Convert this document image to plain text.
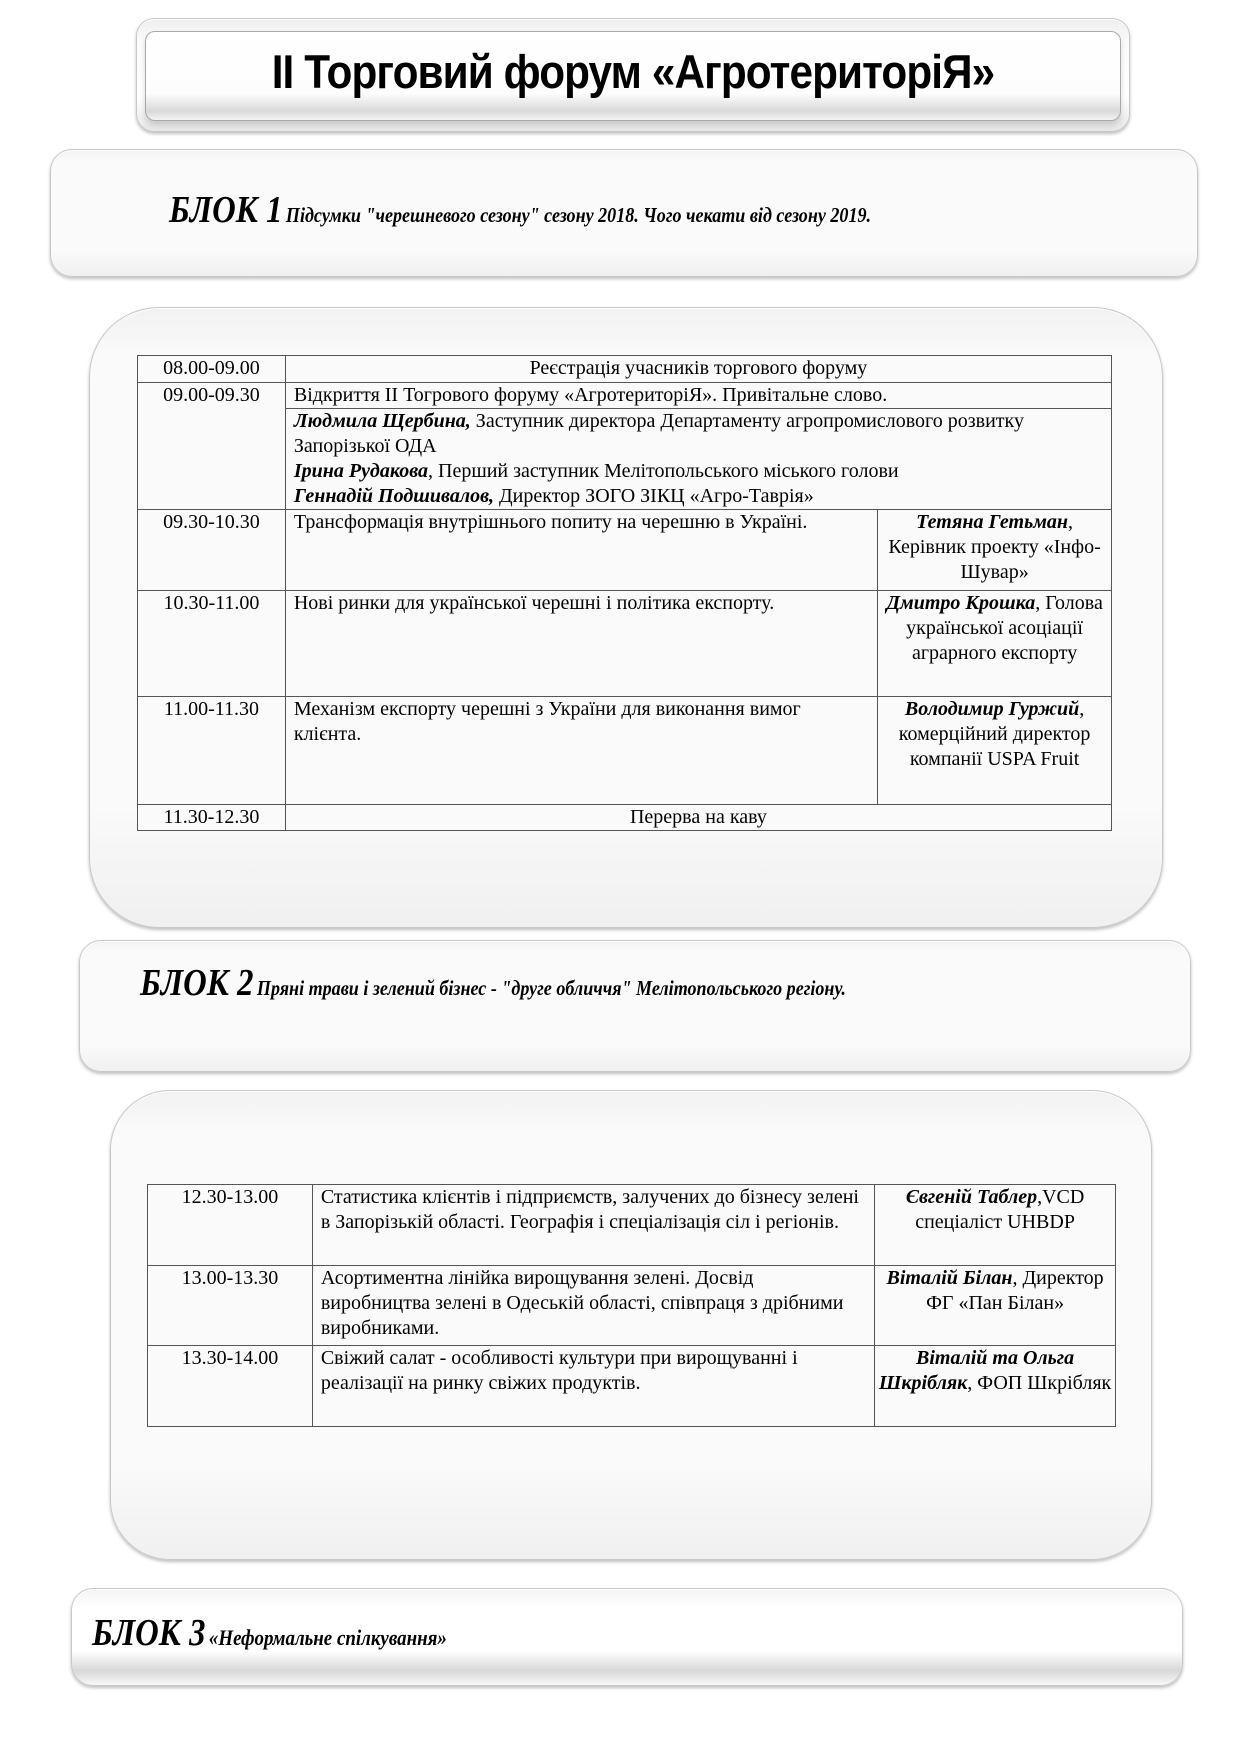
ІІ Торговий форум «АгротериторіЯ»
БЛОК 1 Підсумки "черешневого сезону" сезону 2018. Чого чекати від сезону 2019.
08.00-09.00	Реєстрація учасників торгового форуму	
09.00-09.30	Відкриття ІІ Тогрового форуму «АгротериторіЯ». Привітальне слово.	

	Людмила Щербина, Заступник директора Департаменту агропромислового розвитку Запорізької ОДА
Ірина Рудакова, Перший заступник Мелітопольського міського голови
Геннадій Подшивалов, Директор ЗОГО ЗІКЦ «Агро-Таврія»	

09.30-10.30	Трансформація внутрішнього попиту на черешню в Україні.	Тетяна Гетьман, Керівник проекту «Інфо-Шувар»
10.30-11.00	Нові ринки для української черешні і політика експорту.	Дмитро Крошка, Голова української асоціації аграрного експорту
11.00-11.30	Механізм експорту черешні з України для виконання вимог клієнта.	Володимир Гуржий, комерційний директор компанії USPA Fruit
11.30-12.30	Перерва на каву	
БЛОК 2 Пряні трави і зелений бізнес - "друге обличчя" Мелітопольського регіону.
12.30-13.00	Статистика клієнтів і підприємств, залучених до бізнесу зелені в Запорізькій області. Географія і спеціалізація сіл і регіонів.	Євгеній Таблер,VCD спеціаліст UHBDP
13.00-13.30	Асортиментна лінійка вирощування зелені. Досвід виробництва зелені в Одеській області, співпраця з дрібними виробниками.	Віталій Білан, Директор ФГ «Пан Білан»
13.30-14.00	Свіжий салат - особливості культури при вирощуванні і реалізації на ринку свіжих продуктів.	Віталій та Ольга Шкрібляк, ФОП Шкрібляк
БЛОК 3 «Неформальне спілкування»
